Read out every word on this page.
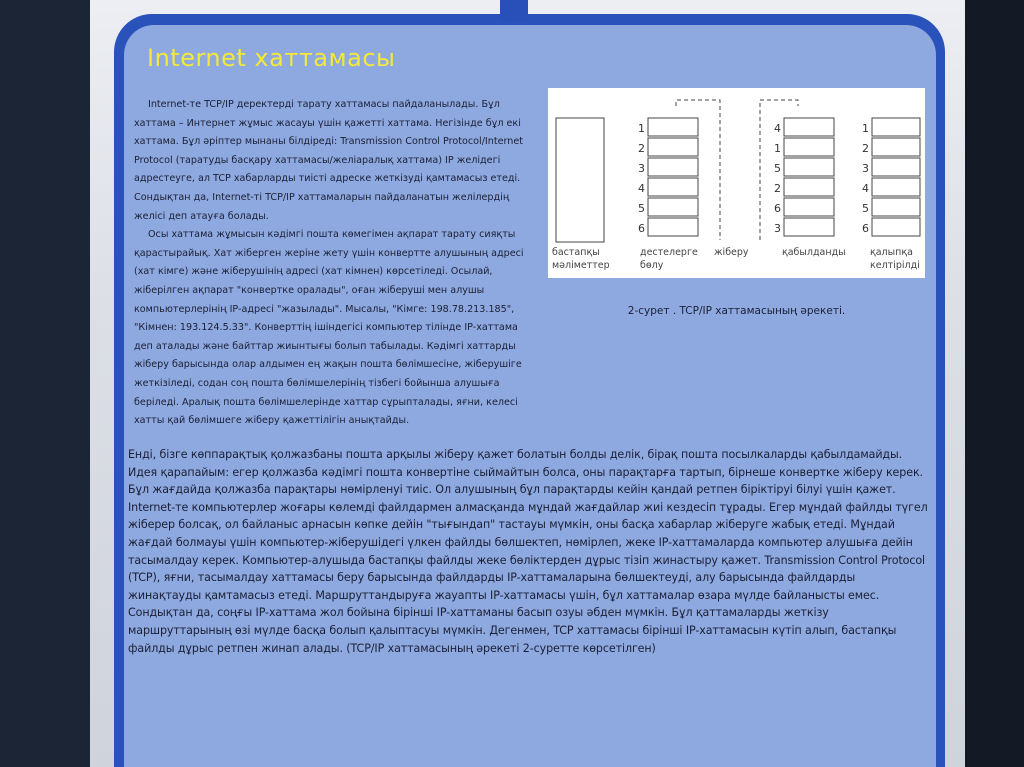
Internet хаттамасы

Internet-те TCP/IP деректерді тарату хаттамасы пайдаланылады. Бұл хаттама – Интернет жұмыс жасауы үшін қажетті хаттама. Негізінде бұл екі хаттама. Бұл әріптер мынаны білдіреді: Transmission Control Protocol/Internet Protocol (таратуды басқару хаттамасы/желіаралық хаттама) IP желідегі адрестеуге, ал TCP хабарларды тиісті адреске жеткізуді қамтамасыз етеді. Сондықтан да, Internet-ті TCP/IP хаттамаларын пайдаланатын желілердің желісі деп атауға болады.

Осы хаттама жұмысын кәдімгі пошта көмегімен ақпарат тарату сияқты қарастырайық. Хат жіберген жеріне жету үшін конвертте алушының адресі (хат кімге) және жіберушінің адресі (хат кімнен) көрсетіледі. Осылай, жіберілген ақпарат "конвертке оралады", оған жіберуші мен алушы компьютерлерінің IP-адресі "жазылады". Мысалы, "Кімге: 198.78.213.185", "Кімнен: 193.124.5.33". Конверттің ішіндегісі компьютер тілінде IP-хаттама деп аталады және байттар жиынтығы болып табылады. Кәдімгі хаттарды жіберу барысында олар алдымен ең жақын пошта бөлімшесіне, жіберушіге жеткізіледі, содан соң пошта бөлімшелерінің тізбегі бойынша алушыға беріледі. Аралық пошта бөлімшелерінде хаттар сұрыпталады, яғни, келесі хатты қай бөлімшеге жіберу қажеттілігін анықтайды.

1
2
3
4
5
6
4
1
5
2
6
3
1
2
3
4
5
6
бастапқы
мәліметтер
дестелерге
бөлу
жіберу	қабылданды	қалыпқа
келтірілді
2-сурет . TCP/IP хаттамасының әрекеті.

Енді, бізге көппарақтық қолжазбаны пошта арқылы жіберу қажет болатын болды делік, бірақ пошта посылкаларды қабылдамайды. Идея қарапайым: егер қолжазба кәдімгі пошта конвертіне сыймайтын болса, оны парақтарға тартып, бірнеше конвертке жіберу керек. Бұл жағдайда қолжазба парақтары нөмірленуі тиіс. Ол алушының бұл парақтарды кейін қандай ретпен біріктіруі білуі үшін қажет. Internet-те компьютерлер жоғары көлемді файлдармен алмасқанда мұндай жағдайлар жиі кездесіп тұрады. Егер мұндай файлды түгел жіберер болсақ, ол байланыс арнасын көпке дейін "тығындап" тастауы мүмкін, оны басқа хабарлар жіберуге жабық етеді. Мұндай жағдай болмауы үшін компьютер-жіберушідегі үлкен файлды бөлшектеп, нөмірлеп, жеке IP-хаттамаларда компьютер алушыға дейін тасымалдау керек. Компьютер-алушыда бастапқы файлды жеке бөліктерден дұрыс тізіп жинастыру қажет. Transmission Control Protocol (TCP), яғни, тасымалдау хаттамасы беру барысында файлдарды IP-хаттамаларына бөлшектеуді, алу барысында файлдарды жинақтауды қамтамасыз етеді. Маршруттандыруға жауапты IP-хаттамасы үшін, бұл хаттамалар өзара мүлде байланысты емес. Сондықтан да, соңғы IP-хаттама жол бойына бірінші IP-хаттаманы басып озуы әбден мүмкін. Бұл қаттамаларды жеткізу маршруттарының өзі мүлде басқа болып қалыптасуы мүмкін. Дегенмен, TCP хаттамасы бірінші IP-хаттамасын күтіп алып, бастапқы файлды дұрыс ретпен жинап алады. (TCP/IP хаттамасының әрекеті 2-суретте көрсетілген)
